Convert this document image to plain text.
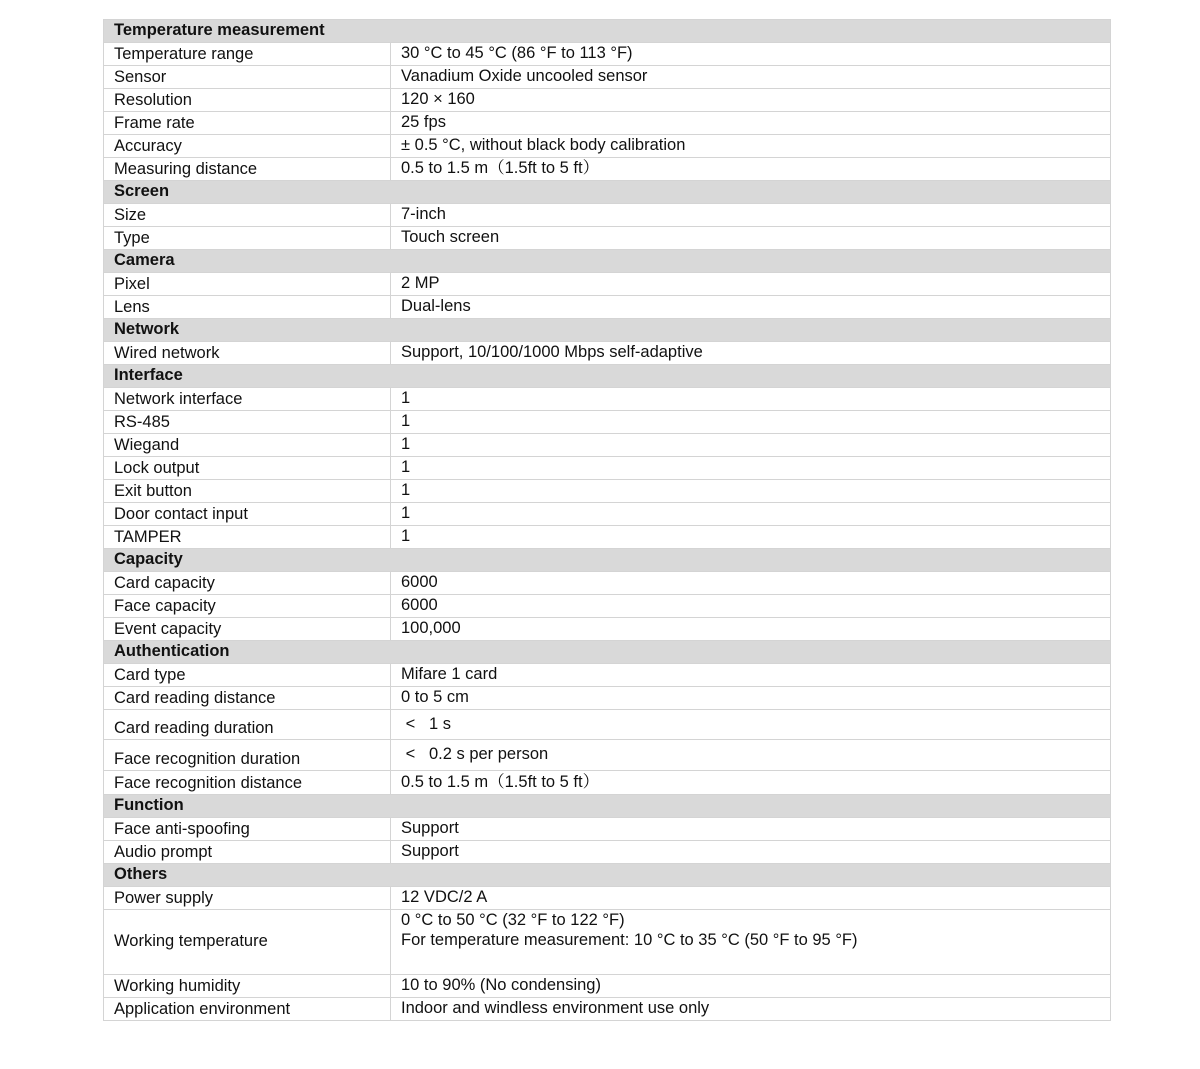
Temperature measurement	
Temperature range	30 °C to 45 °C (86 °F to 113 °F)
Sensor	Vanadium Oxide uncooled sensor
Resolution	120 × 160
Frame rate	25 fps
Accuracy	± 0.5 °C, without black body calibration
Measuring distance	0.5 to 1.5 m（1.5ft to 5 ft）
Screen	
Size	7-inch
Type	Touch screen
Camera	
Pixel	2 MP
Lens	Dual-lens
Network	
Wired network	Support, 10/100/1000 Mbps self-adaptive
Interface	
Network interface	1
RS-485	1
Wiegand	1
Lock output	1
Exit button	1
Door contact input	1
TAMPER	1
Capacity	
Card capacity	6000
Face capacity	6000
Event capacity	100,000
Authentication	
Card type	Mifare 1 card
Card reading distance	0 to 5 cm
Card reading duration	<   1 s
Face recognition duration	<   0.2 s per person
Face recognition distance	0.5 to 1.5 m（1.5ft to 5 ft）
Function	
Face anti-spoofing	Support
Audio prompt	Support
Others	
Power supply	12 VDC/2 A
Working temperature	0 °C to 50 °C (32 °F to 122 °F)
For temperature measurement: 10 °C to 35 °C (50 °F to 95 °F)
Working humidity	10 to 90% (No condensing)
Application environment	Indoor and windless environment use only
